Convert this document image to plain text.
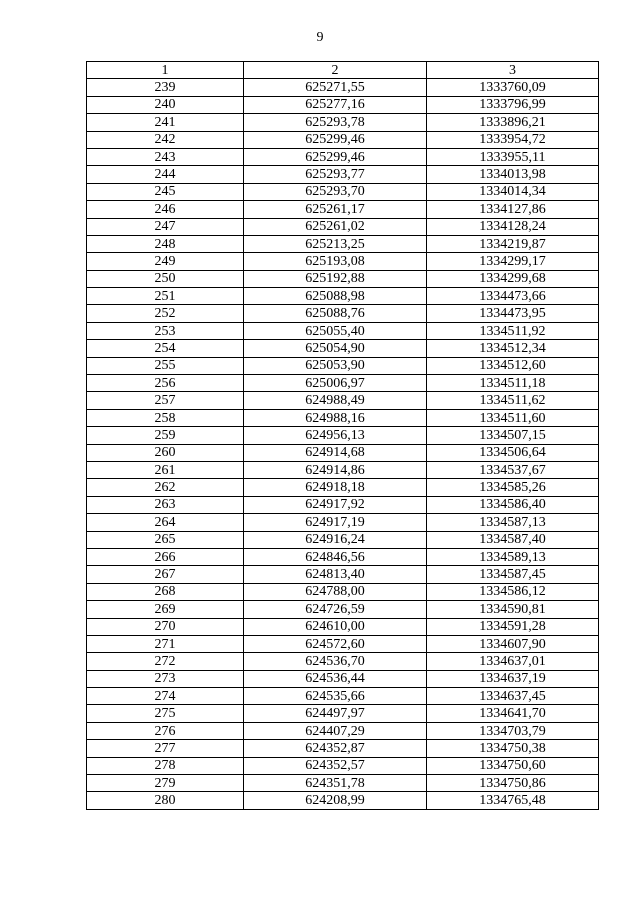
9
1	2	3
239	625271,55	1333760,09
240	625277,16	1333796,99
241	625293,78	1333896,21
242	625299,46	1333954,72
243	625299,46	1333955,11
244	625293,77	1334013,98
245	625293,70	1334014,34
246	625261,17	1334127,86
247	625261,02	1334128,24
248	625213,25	1334219,87
249	625193,08	1334299,17
250	625192,88	1334299,68
251	625088,98	1334473,66
252	625088,76	1334473,95
253	625055,40	1334511,92
254	625054,90	1334512,34
255	625053,90	1334512,60
256	625006,97	1334511,18
257	624988,49	1334511,62
258	624988,16	1334511,60
259	624956,13	1334507,15
260	624914,68	1334506,64
261	624914,86	1334537,67
262	624918,18	1334585,26
263	624917,92	1334586,40
264	624917,19	1334587,13
265	624916,24	1334587,40
266	624846,56	1334589,13
267	624813,40	1334587,45
268	624788,00	1334586,12
269	624726,59	1334590,81
270	624610,00	1334591,28
271	624572,60	1334607,90
272	624536,70	1334637,01
273	624536,44	1334637,19
274	624535,66	1334637,45
275	624497,97	1334641,70
276	624407,29	1334703,79
277	624352,87	1334750,38
278	624352,57	1334750,60
279	624351,78	1334750,86
280	624208,99	1334765,48
